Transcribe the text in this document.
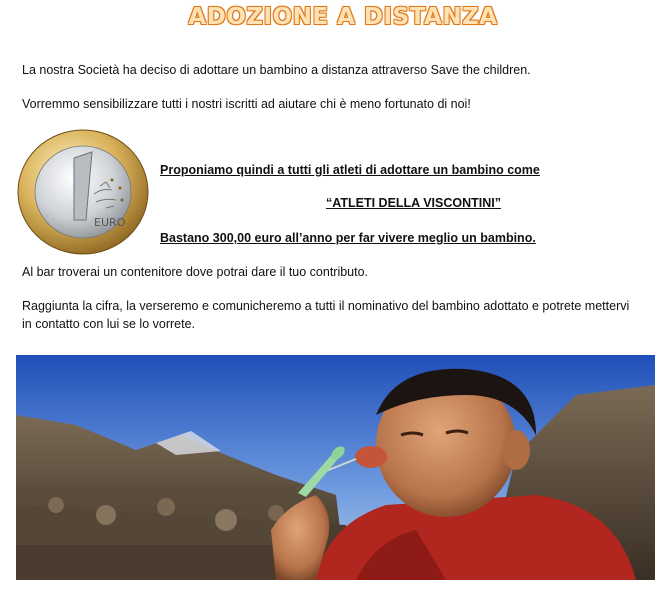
ADOZIONE A DISTANZA
La nostra Società ha deciso di adottare un bambino a distanza attraverso Save the children.
Vorremmo sensibilizzare tutti i nostri iscritti ad aiutare chi è meno fortunato di noi!
EURO
Proponiamo quindi a tutti gli atleti di adottare un bambino come
“ATLETI DELLA VISCONTINI”
Bastano 300,00 euro all’anno per far vivere meglio un bambino.
Al bar troverai un contenitore dove potrai dare il tuo contributo.
Raggiunta la cifra, la verseremo e comunicheremo a tutti il nominativo del bambino adottato e potrete mettervi in contatto con lui se lo vorrete.
